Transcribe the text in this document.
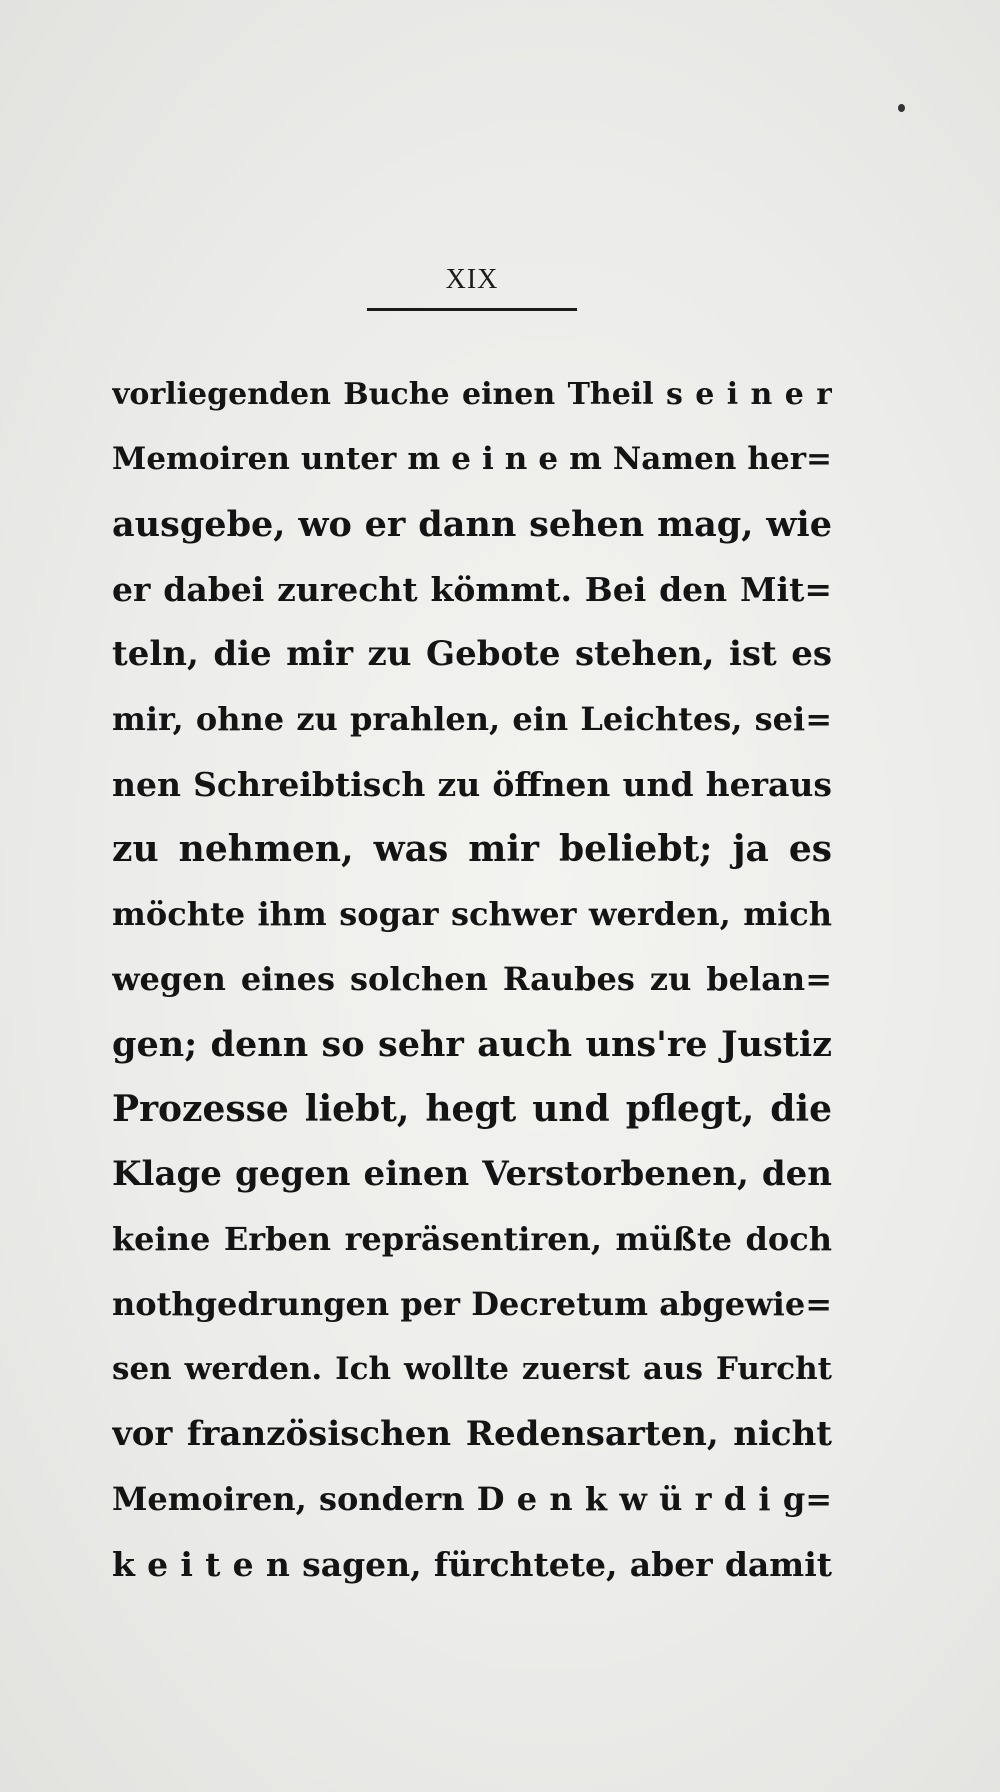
XIX
vorliegenden Buche einen Theil s e i n e r
Memoiren unter m e i n e m Namen her=
ausgebe, wo er dann sehen mag, wie
er dabei zurecht kömmt. Bei den Mit=
teln, die mir zu Gebote stehen, ist es
mir, ohne zu prahlen, ein Leichtes, sei=
nen Schreibtisch zu öffnen und heraus
zu nehmen, was mir beliebt; ja es
möchte ihm sogar schwer werden, mich
wegen eines solchen Raubes zu belan=
gen; denn so sehr auch uns're Justiz
Prozesse liebt, hegt und pflegt, die
Klage gegen einen Verstorbenen, den
keine Erben repräsentiren, müßte doch
nothgedrungen per Decretum abgewie=
sen werden. Ich wollte zuerst aus Furcht
vor französischen Redensarten, nicht
Memoiren, sondern D e n k w ü r d i g=
k e i t e n sagen, fürchtete, aber damit
